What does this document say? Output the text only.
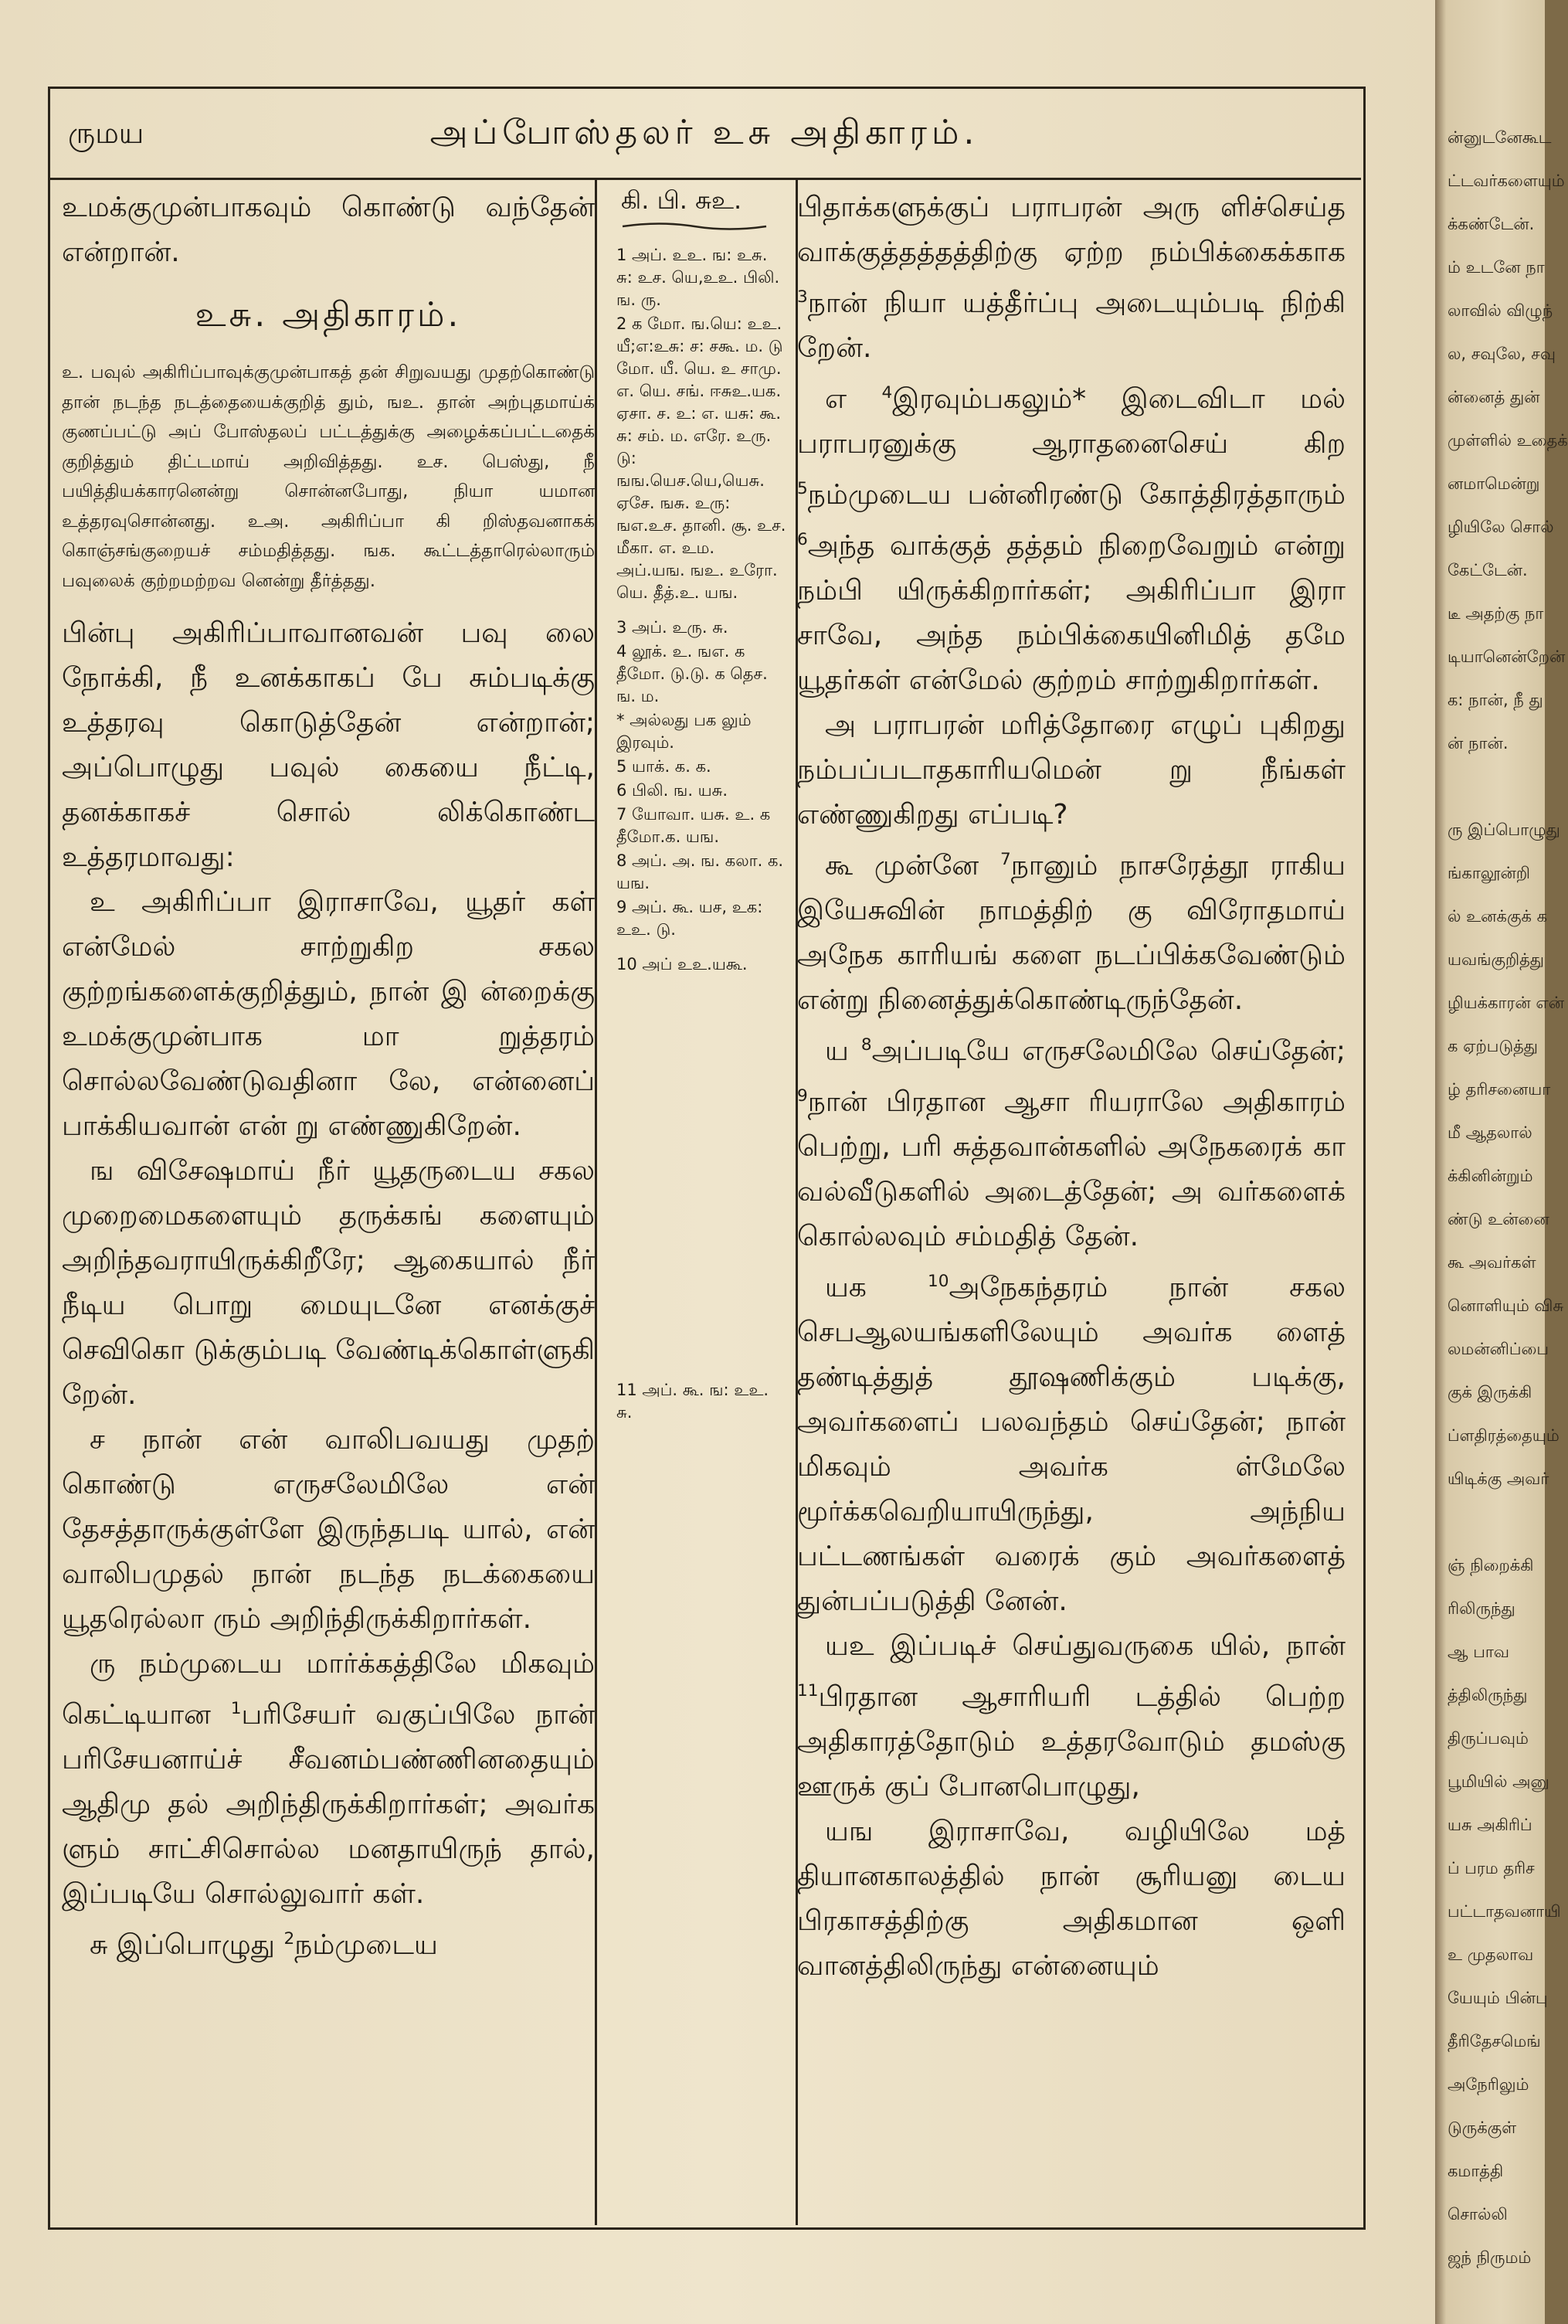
ன்னுடனேகூட
ட்டவர்களையும்
க்கண்டேன்.
ம் உடனே நா
லாவில் விழுந்
ல, சவுலே, சவு
ன்னைத் துன்
முள்ளில் உதைக்
னமாமென்று
ழியிலே சொல்
கேட்டேன்.
டீ அதற்கு நா
டியானென்றேன்
க: நான், நீ து
ன் நான்.
ரு இப்பொழுது
ங்காலூன்றி
ல் உனக்குக் க
யவங்குறித்து
ழியக்காரன் என்
க ஏற்படுத்து
ழ் தரிசனையா
மீ ஆதலால்
க்கினின்றும்
ண்டு உன்னை
கூ அவர்கள்
னொளியும் விசு
லமன்னிப்பை
குக் இருக்கி
ப்ளதிரத்தையும்
யிடிக்கு அவர்
ஞ் நிறைக்கி
ரிலிருந்து
ஆ பாவ
த்திலிருந்து
திருப்பவும்
பூமியில் அனு
யசு அகிரிப்
ப் பரம தரிச
பட்டாதவனாயி
உ முதலாவ
யேயும் பின்பு
தீரிதேசமெங்
அநேரிலும்
டுருக்குள்
கமாத்தி
சொல்லி
ஜந் நிருமம்
ருமய	அப்போஸ்தலர் உசு அதிகாரம்.

உமக்குமுன்பாகவும் கொண்டு வந்தேன் என்றான்.

உசு. அதிகாரம்.

உ. பவுல் அகிரிப்பாவுக்குமுன்பாகத் தன் சிறுவயது முதற்கொண்டு தான் நடந்த நடத்தையைக்குறித் தும், ஙஉ. தான் அற்புதமாய்க் குணப்பட்டு அப் போஸ்தலப் பட்டத்துக்கு அழைக்கப்பட்டதைக் குறித்தும் திட்டமாய் அறிவித்தது. உச. பெஸ்து, நீ பயித்தியக்காரனென்று சொன்னபோது, நியா யமான உத்தரவுசொன்னது. உஅ. அகிரிப்பா கி றிஸ்தவனாகக் கொஞ்சங்குறையச் சம்மதித்தது. ஙக. கூட்டத்தாரெல்லாரும் பவுலைக் குற்றமற்றவ னென்று தீர்த்தது.

பின்பு அகிரிப்பாவானவன் பவு லை நோக்கி, நீ உனக்காகப் பே சும்படிக்கு உத்தரவு கொடுத்தேன் என்றான்; அப்பொழுது பவுல் கையை நீட்டி, தனக்காகச் சொல் லிக்கொண்ட உத்தரமாவது:

உ அகிரிப்பா இராசாவே, யூதர் கள் என்மேல் சாற்றுகிற சகல குற்றங்களைக்குறித்தும், நான் இ ன்றைக்கு உமக்குமுன்பாக மா றுத்தரம் சொல்லவேண்டுவதினா லே, என்னைப் பாக்கியவான் என் று எண்ணுகிறேன்.

ங விசேஷமாய் நீர் யூதருடைய சகல முறைமைகளையும் தருக்கங் களையும் அறிந்தவராயிருக்கிறீரே; ஆகையால் நீர் நீடிய பொறு மையுடனே எனக்குச் செவிகொ டுக்கும்படி வேண்டிக்கொள்ளுகி றேன்.

ச நான் என் வாலிபவயது முதற் கொண்டு எருசலேமிலே என் தேசத்தாருக்குள்ளே இருந்தபடி யால், என் வாலிபமுதல் நான் நடந்த நடக்கையை யூதரெல்லா ரும் அறிந்திருக்கிறார்கள்.

ரு நம்முடைய மார்க்கத்திலே மிகவும் கெட்டியான $^1$பரிசேயர் வகுப்பிலே நான் பரிசேயனாய்ச் சீவனம்பண்ணினதையும் ஆதிமு தல் அறிந்திருக்கிறார்கள்; அவர்க ளும் சாட்சிசொல்ல மனதாயிருந் தால், இப்படியே சொல்லுவார் கள்.

சு இப்பொழுது $^2$நம்முடைய

கி. பி. சுஉ.
1 அப். உஉ. ங: உசு. சு: உச. யெ,உஉ. பிலி. ங. ரு.
2 க மோ. ங.யெ: உஉ. யீ;எ:உசு: ச: சகூ. ம. டு மோ. யீ. யெ. உ சாமு. எ. யெ. சங். ஈசுஉ.யக. ஏசா. ச. உ: எ. யசு: கூ. சு: சம். ம. எரே. உரு. டு: ஙங.யெச.யெ,யெசு. ஏசே. ஙசு. உரு: ஙஎ.உச. தானி. சூ. உச. மீகா. எ. உம. அப்.யங. ஙஉ. உரோ. யெ. தீத்.உ. யங.
3 அப். உரு. சு.
4 லூக். உ. ஙஎ. க தீமோ. டு.டு. க தெச. ங. ம.
* அல்லது பக லும் இரவும்.
5 யாக். க. க.
6 பிலி. ங. யசு.
7 யோவா. யசு. உ. க தீமோ.க. யங.
8 அப். அ. ங. கலா. க. யங.
9 அப். கூ. யச, உக: உஉ. டு.
10 அப் உஉ.யகூ.
11 அப். கூ. ங: உஉ. சு.

பிதாக்களுக்குப் பராபரன் அரு ளிச்செய்த வாக்குத்தத்தத்திற்கு ஏற்ற நம்பிக்கைக்காக $^3$நான் நியா யத்தீர்ப்பு அடையும்படி நிற்கி றேன்.

எ $^4$இரவும்பகலும்* இடைவிடா மல் பராபரனுக்கு ஆராதனைசெய் கிற $^5$நம்முடைய பன்னிரண்டு கோத்திரத்தாரும் $^6$அந்த வாக்குத் தத்தம் நிறைவேறும் என்று நம்பி யிருக்கிறார்கள்; அகிரிப்பா இரா சாவே, அந்த நம்பிக்கையினிமித் தமே யூதர்கள் என்மேல் குற்றம் சாற்றுகிறார்கள்.

அ பராபரன் மரித்தோரை எழுப் புகிறது நம்பப்படாதகாரியமென் று நீங்கள் எண்ணுகிறது எப்படி?

கூ முன்னே $^7$நானும் நாசரேத்தூ ராகிய இயேசுவின் நாமத்திற் கு விரோதமாய் அநேக காரியங் களை நடப்பிக்கவேண்டும் என்று நினைத்துக்கொண்டிருந்தேன்.

ய $^8$அப்படியே எருசலேமிலே செய்தேன்; $^9$நான் பிரதான ஆசா ரியராலே அதிகாரம் பெற்று, பரி சுத்தவான்களில் அநேகரைக் கா வல்வீடுகளில் அடைத்தேன்; அ வர்களைக் கொல்லவும் சம்மதித் தேன்.

யக $^{10}$அநேகந்தரம் நான் சகல செபஆலயங்களிலேயும் அவர்க ளைத் தண்டித்துத் தூஷணிக்கும் படிக்கு, அவர்களைப் பலவந்தம் செய்தேன்; நான் மிகவும் அவர்க ள்மேலே மூர்க்கவெறியாயிருந்து, அந்நிய பட்டணங்கள் வரைக் கும் அவர்களைத் துன்பப்படுத்தி னேன்.

யஉ இப்படிச் செய்துவருகை யில், நான் $^{11}$பிரதான ஆசாரியரி டத்தில் பெற்ற அதிகாரத்தோடும் உத்தரவோடும் தமஸ்கு ஊருக் குப் போனபொழுது,

யங இராசாவே, வழியிலே மத் தியானகாலத்தில் நான் சூரியனு டைய பிரகாசத்திற்கு அதிகமான ஒளி வானத்திலிருந்து என்னையும்
